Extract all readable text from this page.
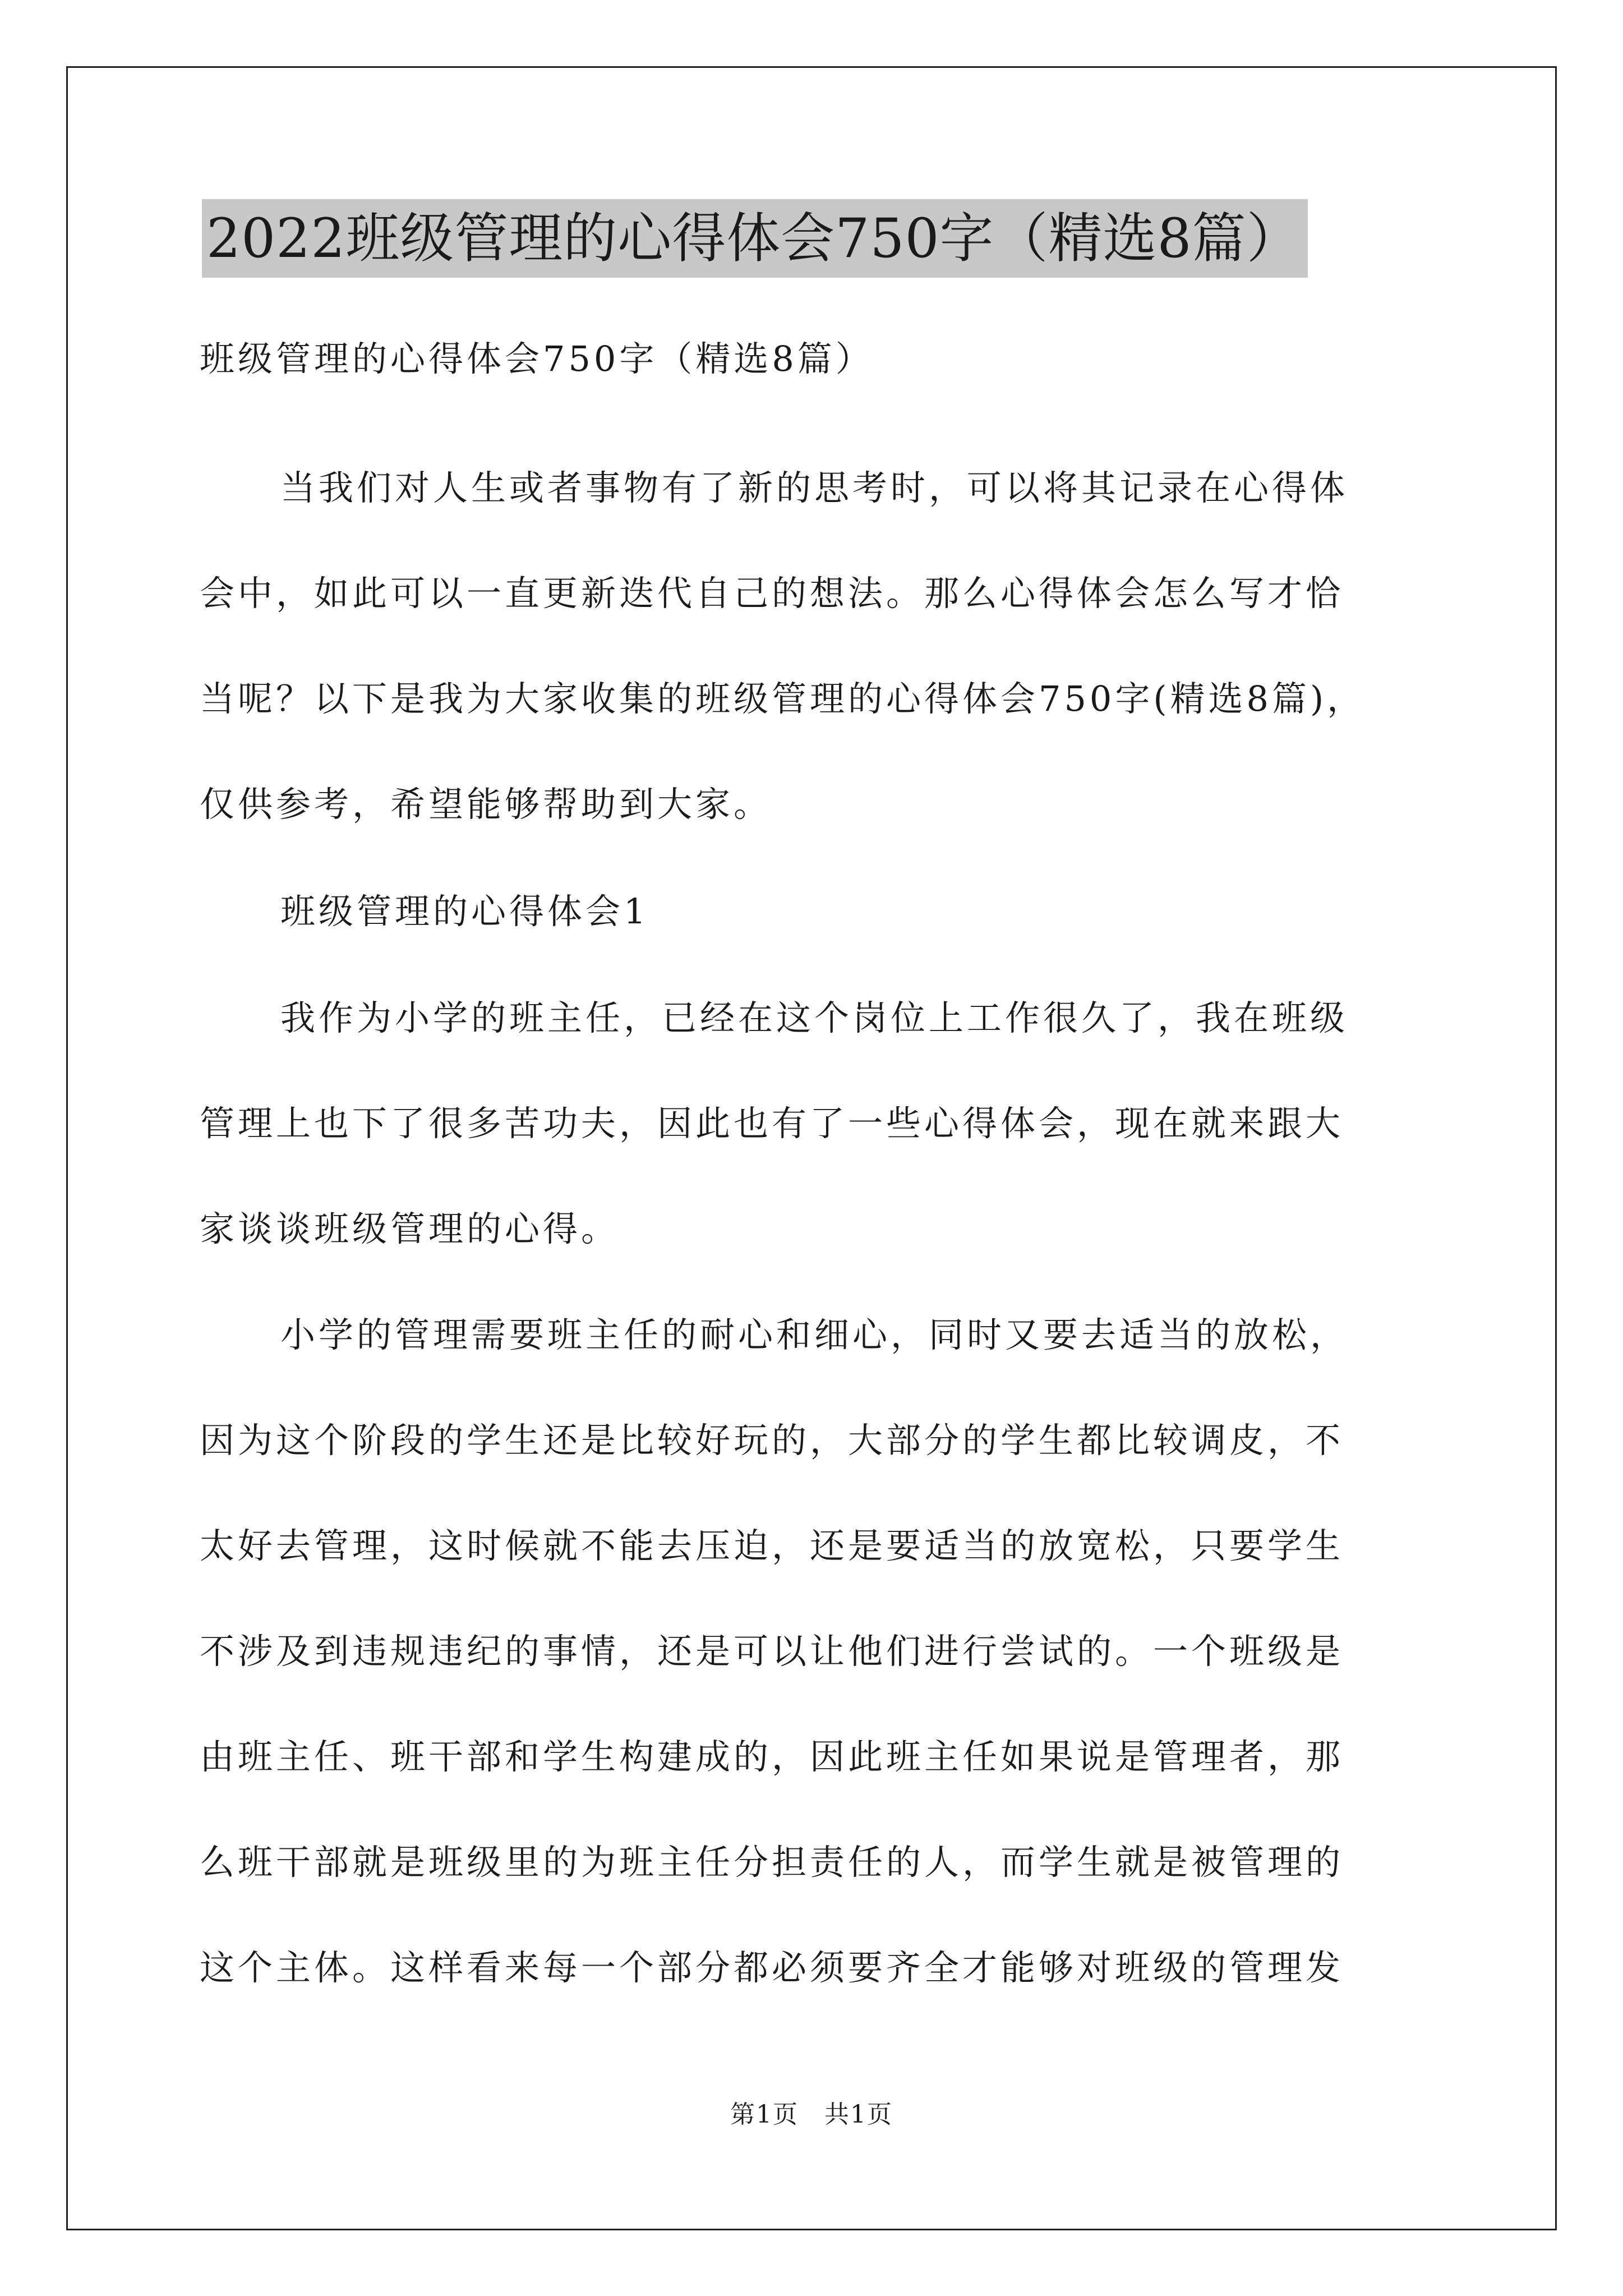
2022班级管理的心得体会750字（精选8篇）
班级管理的心得体会750字（精选8篇）
当我们对人生或者事物有了新的思考时，可以将其记录在心得体
会中，如此可以一直更新迭代自己的想法。那么心得体会怎么写才恰
当呢？以下是我为大家收集的班级管理的心得体会750字(精选8篇)，
仅供参考，希望能够帮助到大家。
班级管理的心得体会1
我作为小学的班主任，已经在这个岗位上工作很久了，我在班级
管理上也下了很多苦功夫，因此也有了一些心得体会，现在就来跟大
家谈谈班级管理的心得。
小学的管理需要班主任的耐心和细心，同时又要去适当的放松，
因为这个阶段的学生还是比较好玩的，大部分的学生都比较调皮，不
太好去管理，这时候就不能去压迫，还是要适当的放宽松，只要学生
不涉及到违规违纪的事情，还是可以让他们进行尝试的。一个班级是
由班主任、班干部和学生构建成的，因此班主任如果说是管理者，那
么班干部就是班级里的为班主任分担责任的人，而学生就是被管理的
这个主体。这样看来每一个部分都必须要齐全才能够对班级的管理发
第1页　共1页
